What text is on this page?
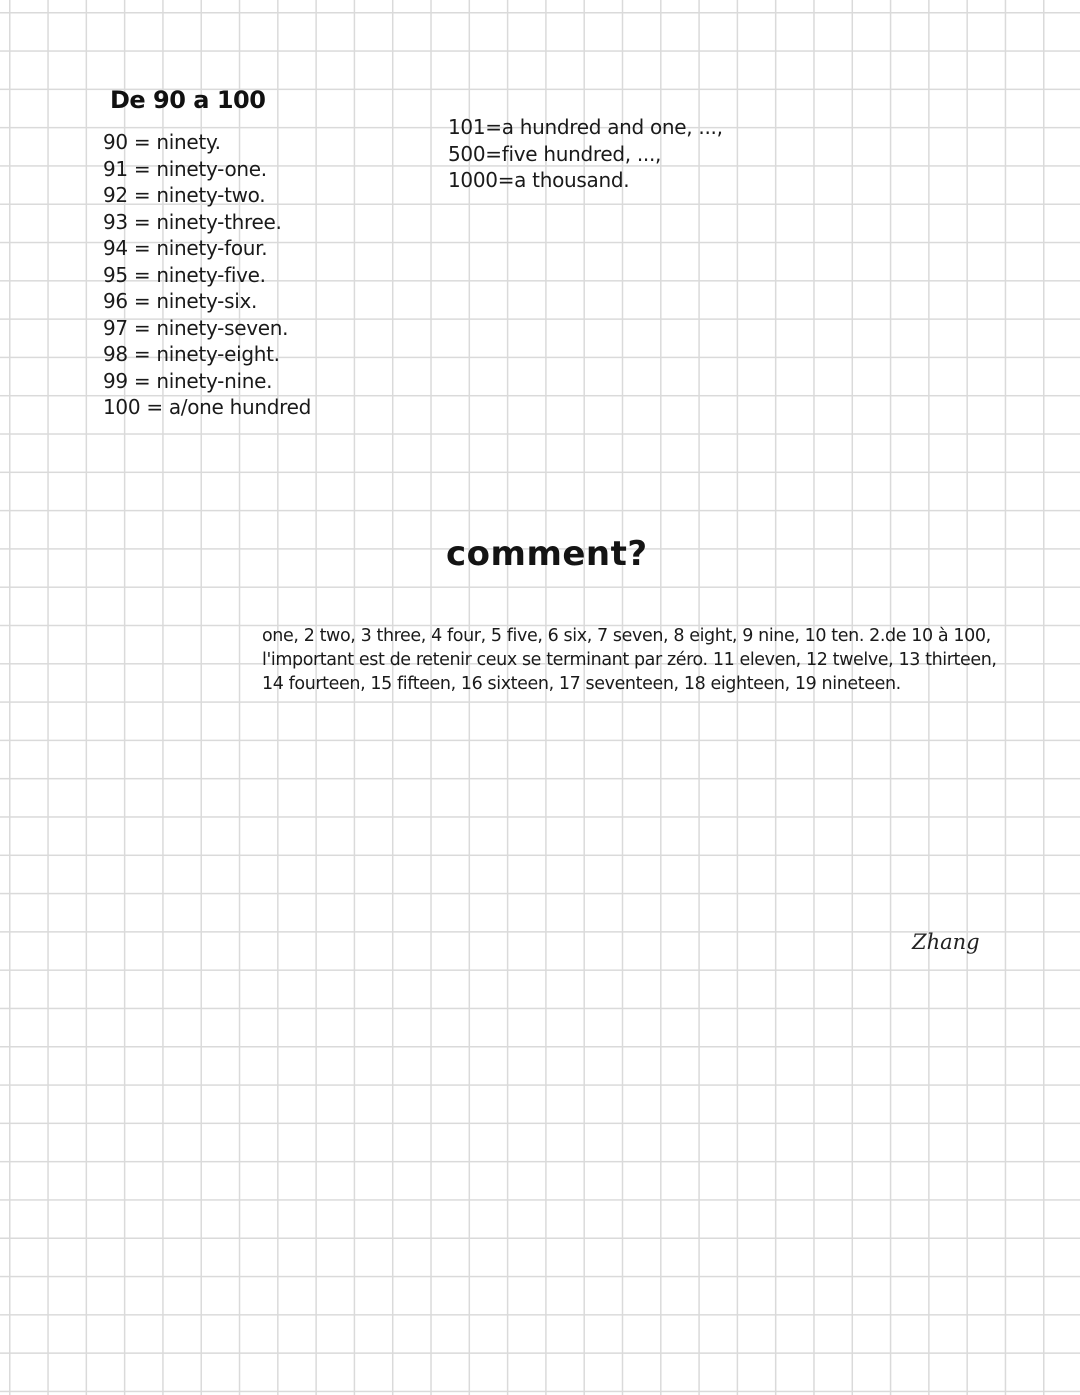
De 90 a 100
90 = ninety.
91 = ninety-one.
92 = ninety-two.
93 = ninety-three.
94 = ninety-four.
95 = ninety-five.
96 = ninety-six.
97 = ninety-seven.
98 = ninety-eight.
99 = ninety-nine.
100 = a/one hundred
101=a hundred and one, ...,
500=five hundred, ...,
1000=a thousand.
comment?

one, 2 two, 3 three, 4 four, 5 five, 6 six, 7 seven, 8 eight, 9 nine, 10 ten. 2.de 10 à 100, l'important est de retenir ceux se terminant par zéro. 11 eleven, 12 twelve, 13 thirteen, 14 fourteen, 15 fifteen, 16 sixteen, 17 seventeen, 18 eighteen, 19 nineteen.

Zhang
